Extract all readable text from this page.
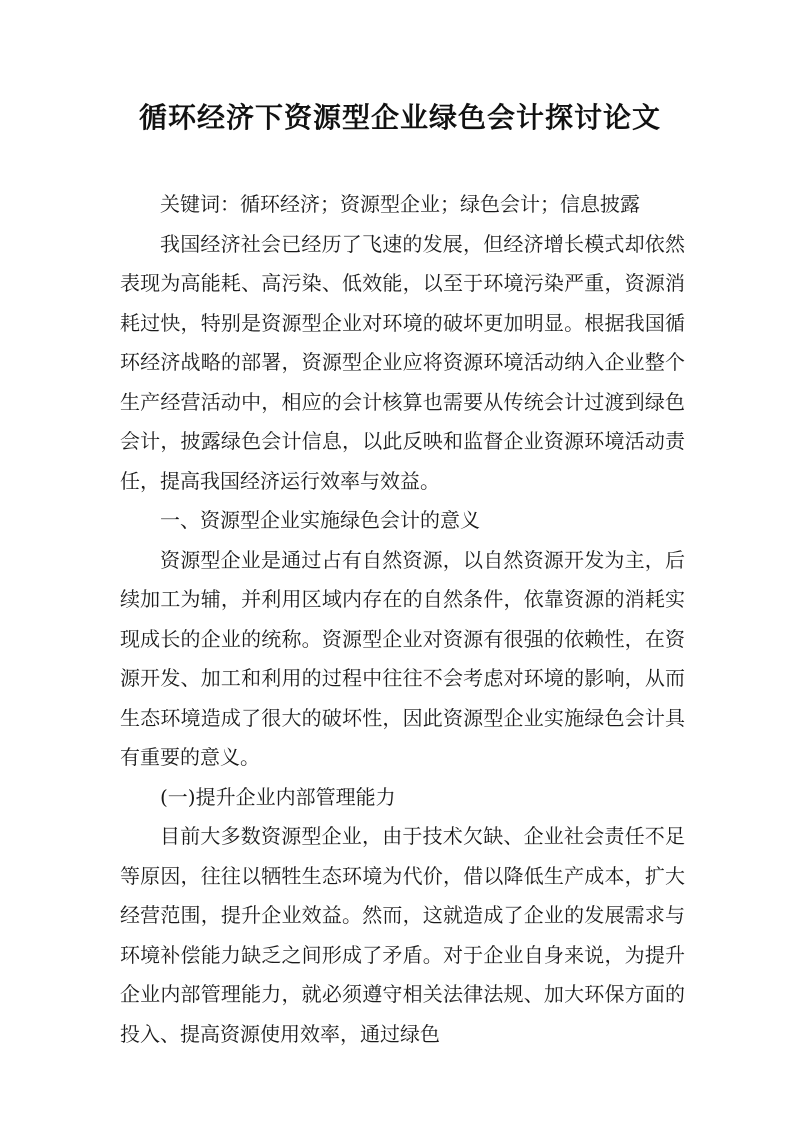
循环经济下资源型企业绿色会计探讨论文

关键词：循环经济；资源型企业；绿色会计；信息披露

我国经济社会已经历了飞速的发展，但经济增长模式却依然表现为高能耗、高污染、低效能，以至于环境污染严重，资源消耗过快，特别是资源型企业对环境的破坏更加明显。根据我国循环经济战略的部署，资源型企业应将资源环境活动纳入企业整个生产经营活动中，相应的会计核算也需要从传统会计过渡到绿色会计，披露绿色会计信息，以此反映和监督企业资源环境活动责任，提高我国经济运行效率与效益。

一、资源型企业实施绿色会计的意义

资源型企业是通过占有自然资源，以自然资源开发为主，后续加工为辅，并利用区域内存在的自然条件，依靠资源的消耗实现成长的企业的统称。资源型企业对资源有很强的依赖性，在资源开发、加工和利用的过程中往往不会考虑对环境的影响，从而生态环境造成了很大的破坏性，因此资源型企业实施绿色会计具有重要的意义。

(一)提升企业内部管理能力

目前大多数资源型企业，由于技术欠缺、企业社会责任不足等原因，往往以牺牲生态环境为代价，借以降低生产成本，扩大经营范围，提升企业效益。然而，这就造成了企业的发展需求与环境补偿能力缺乏之间形成了矛盾。对于企业自身来说，为提升企业内部管理能力，就必须遵守相关法律法规、加大环保方面的投入、提高资源使用效率，通过绿色
